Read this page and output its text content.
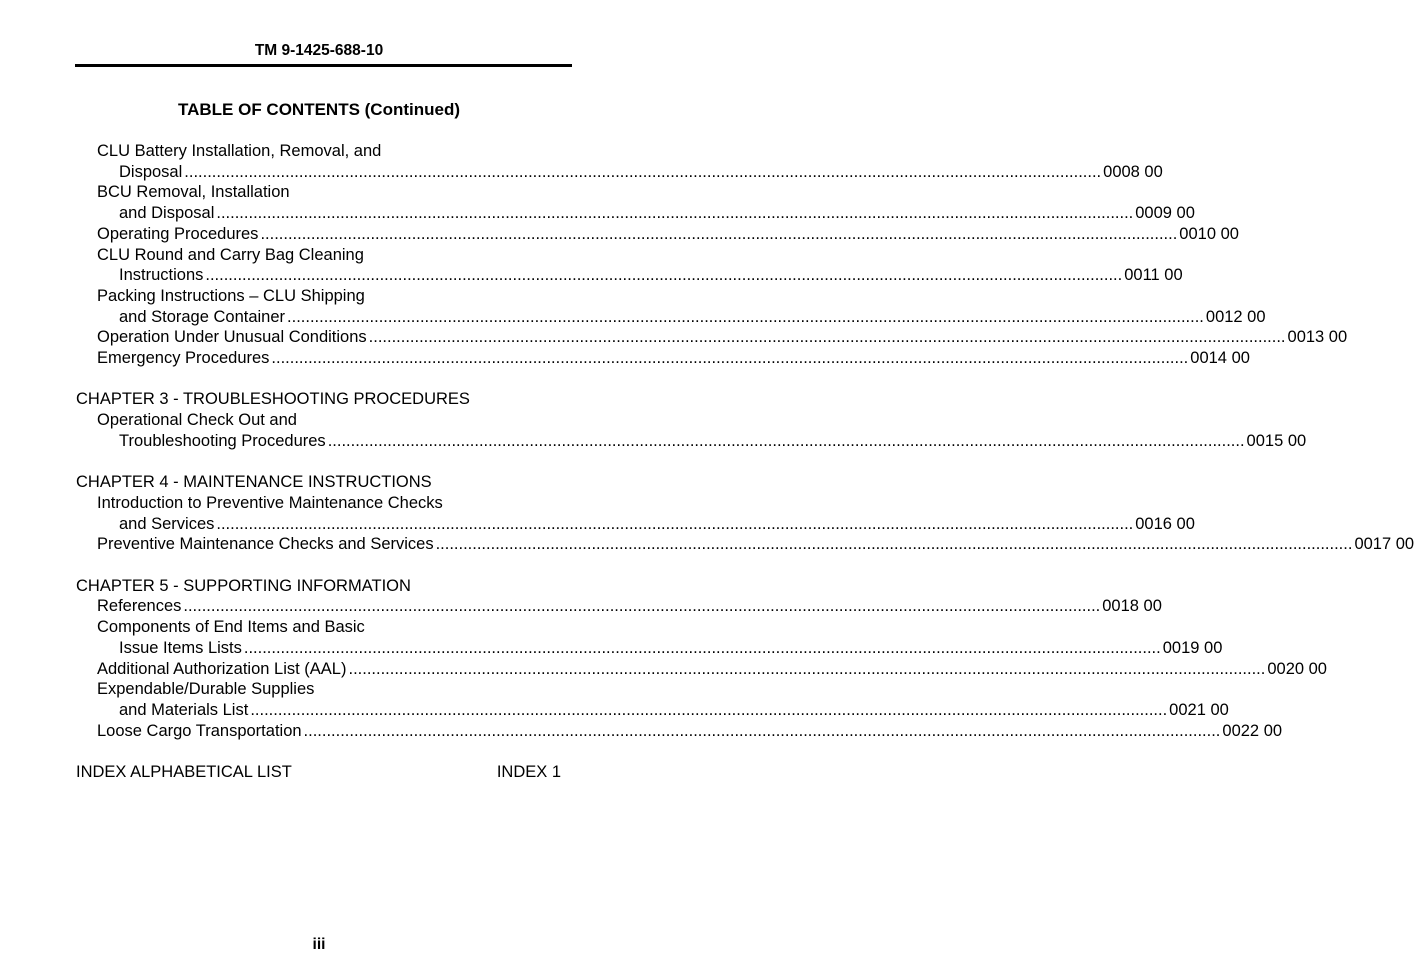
TM 9-1425-688-10
TABLE OF CONTENTS (Continued)
CLU Battery Installation, Removal, and
Disposal ........................................................................................................................................................................................................ 0008 00
BCU Removal, Installation
and Disposal ........................................................................................................................................................................................................ 0009 00
Operating Procedures ........................................................................................................................................................................................................ 0010 00
CLU Round and Carry Bag Cleaning
Instructions ........................................................................................................................................................................................................ 0011 00
Packing Instructions – CLU Shipping
and Storage Container ........................................................................................................................................................................................................ 0012 00
Operation Under Unusual Conditions ........................................................................................................................................................................................................ 0013 00
Emergency Procedures ........................................................................................................................................................................................................ 0014 00
CHAPTER 3 - TROUBLESHOOTING PROCEDURES
Operational Check Out and
Troubleshooting Procedures ........................................................................................................................................................................................................ 0015 00
CHAPTER 4 - MAINTENANCE INSTRUCTIONS
Introduction to Preventive Maintenance Checks
and Services ........................................................................................................................................................................................................ 0016 00
Preventive Maintenance Checks and Services ........................................................................................................................................................................................................ 0017 00
CHAPTER 5 - SUPPORTING INFORMATION
References ........................................................................................................................................................................................................ 0018 00
Components of End Items and Basic
Issue Items Lists ........................................................................................................................................................................................................ 0019 00
Additional Authorization List (AAL) ........................................................................................................................................................................................................ 0020 00
Expendable/Durable Supplies
and Materials List ........................................................................................................................................................................................................ 0021 00
Loose Cargo Transportation ........................................................................................................................................................................................................ 0022 00
INDEX ALPHABETICAL LIST	INDEX 1
iii
